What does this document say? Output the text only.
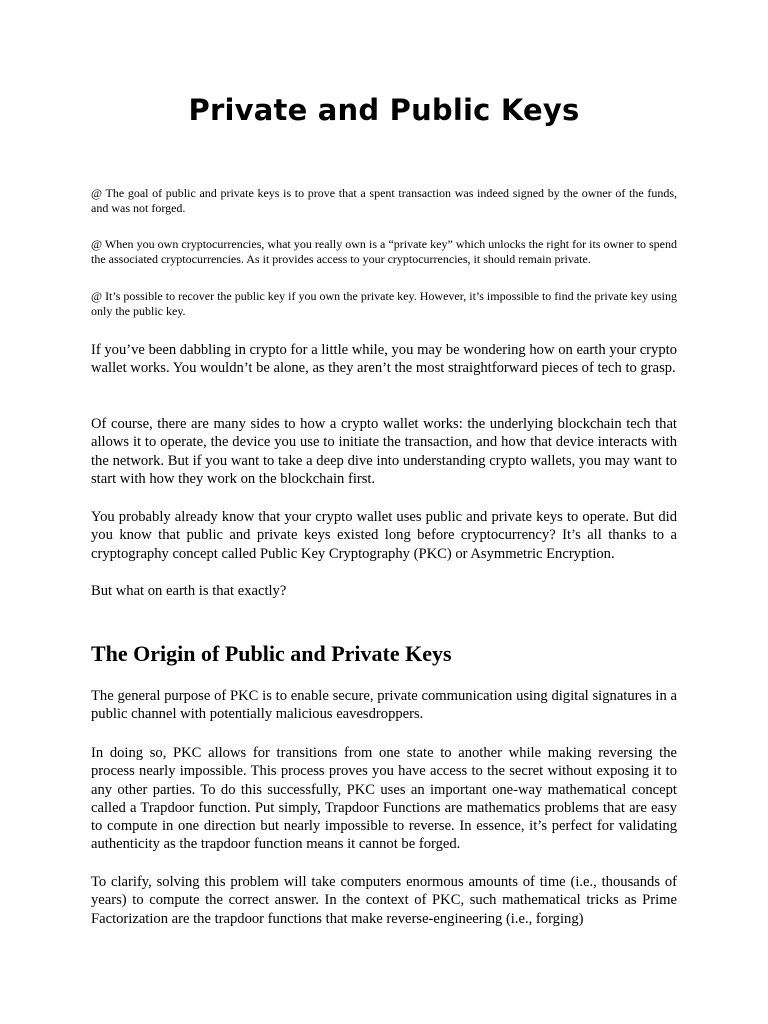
Private and Public Keys

@ The goal of public and private keys is to prove that a spent transaction was indeed signed by the owner of the funds, and was not forged.

@ When you own cryptocurrencies, what you really own is a “private key” which unlocks the right for its owner to spend the associated cryptocurrencies. As it provides access to your cryptocurrencies, it should remain private.

@ It’s possible to recover the public key if you own the private key. However, it’s impossible to find the private key using only the public key.

If you’ve been dabbling in crypto for a little while, you may be wondering how on earth your crypto wallet works. You wouldn’t be alone, as they aren’t the most straightforward pieces of tech to grasp.

Of course, there are many sides to how a crypto wallet works: the underlying blockchain tech that allows it to operate, the device you use to initiate the transaction, and how that device interacts with the network. But if you want to take a deep dive into understanding crypto wallets, you may want to start with how they work on the blockchain first.

You probably already know that your crypto wallet uses public and private keys to operate. But did you know that public and private keys existed long before cryptocurrency? It’s all thanks to a cryptography concept called Public Key Cryptography (PKC) or Asymmetric Encryption.

But what on earth is that exactly?

The Origin of Public and Private Keys

The general purpose of PKC is to enable secure, private communication using digital signatures in a public channel with potentially malicious eavesdroppers.

In doing so, PKC allows for transitions from one state to another while making reversing the process nearly impossible. This process proves you have access to the secret without exposing it to any other parties. To do this successfully, PKC uses an important one-way mathematical concept called a Trapdoor function. Put simply, Trapdoor Functions are mathematics problems that are easy to compute in one direction but nearly impossible to reverse. In essence, it’s perfect for validating authenticity as the trapdoor function means it cannot be forged.

To clarify, solving this problem will take computers enormous amounts of time (i.e., thousands of years) to compute the correct answer. In the context of PKC, such mathematical tricks as Prime Factorization are the trapdoor functions that make reverse-engineering (i.e., forging)
